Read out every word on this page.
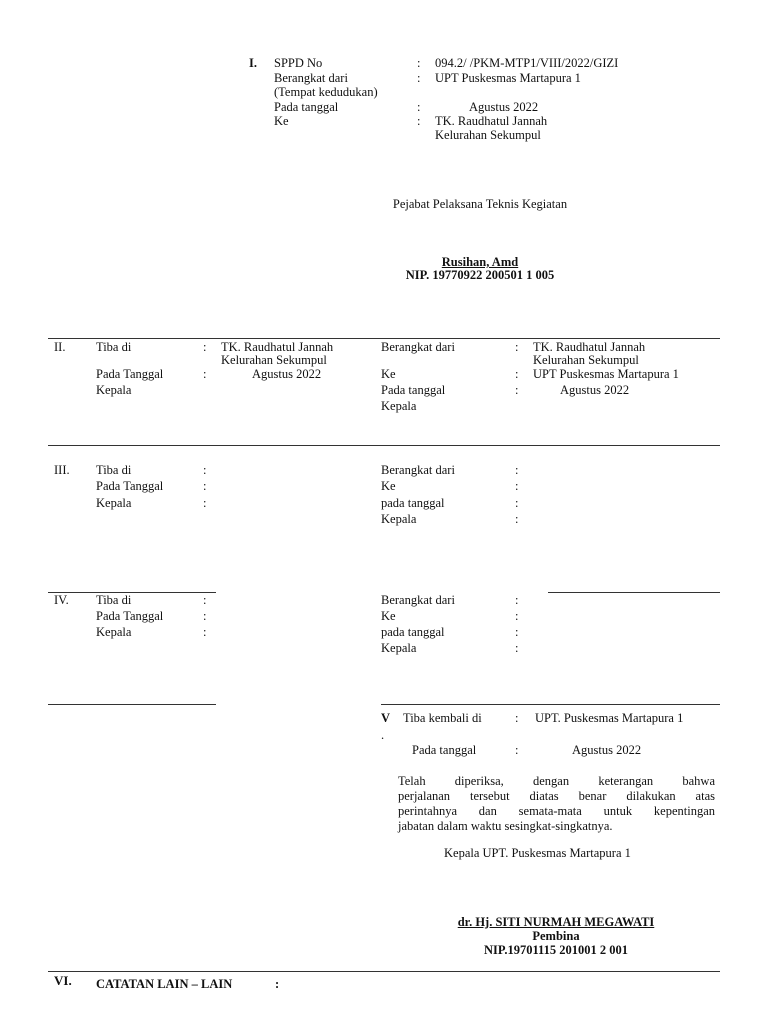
I. SPPD No	: 094.2/ /PKM-MTP1/VIII/2022/GIZI
Berangkat dari	: UPT Puskesmas Martapura 1
(Tempat kedudukan)
Pada tanggal	:	Agustus 2022
Ke	: TK. Raudhatul Jannah
Kelurahan Sekumpul
Pejabat Pelaksana Teknis Kegiatan
Rusihan, Amd
NIP. 19770922 200501 1 005
II. Tiba di	: TK. Raudhatul Jannah
Kelurahan Sekumpul
Pada Tanggal	:	Agustus 2022
Kepala
Berangkat dari	: TK. Raudhatul Jannah
Kelurahan Sekumpul
Ke	: UPT Puskesmas Martapura 1
Pada tanggal	:	Agustus 2022
Kepala
III. Tiba di	:
Pada Tanggal	:
Kepala	:
Berangkat dari	:
Ke	:
pada tanggal	:
Kepala	:
IV. Tiba di	:
Pada Tanggal	:
Kepala	:
Berangkat dari	:
Ke	:
pada tanggal	:
Kepala	:
V
.
Tiba kembali di	: UPT. Puskesmas Martapura 1
Pada tanggal	:	Agustus 2022

Telah diperiksa, dengan keterangan bahwa

perjalanan tersebut diatas benar dilakukan atas

perintahnya dan semata-mata untuk kepentingan

jabatan dalam waktu sesingkat-singkatnya.

Kepala UPT. Puskesmas Martapura 1
dr. Hj. SITI NURMAH MEGAWATI
Pembina
NIP.19701115 201001 2 001
VI. CATATAN LAIN – LAIN	:
